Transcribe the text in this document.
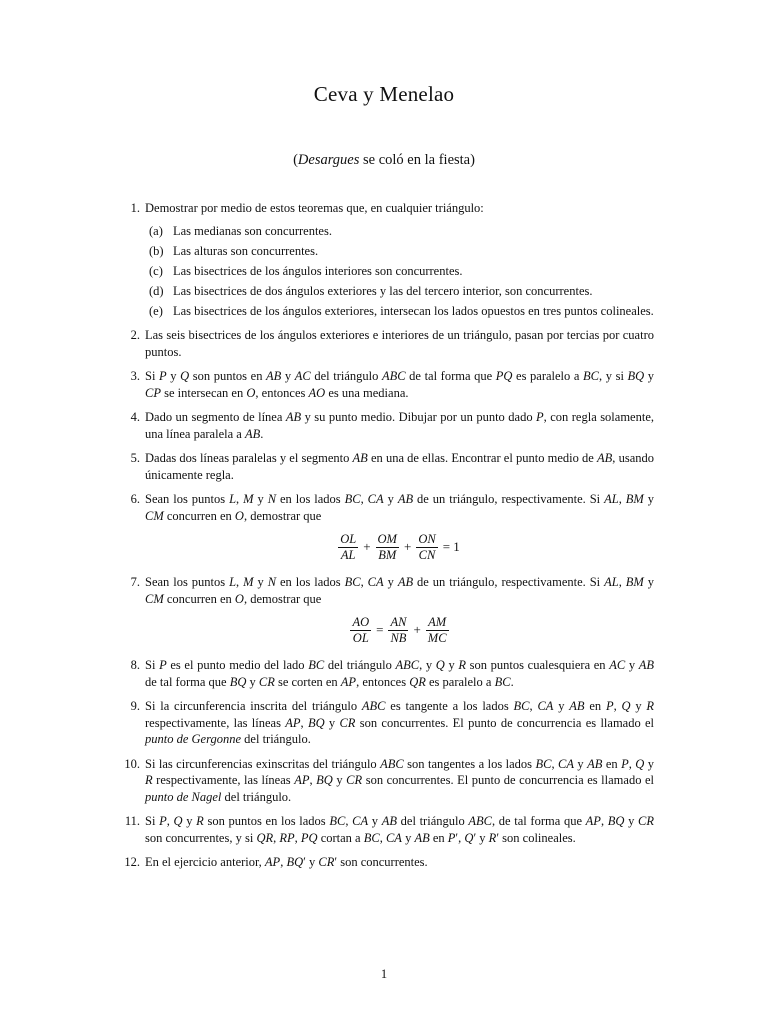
Ceva y Menelao
(Desargues se coló en la fiesta)
1. Demostrar por medio de estos teoremas que, en cualquier triángulo:
(a) Las medianas son concurrentes.
(b) Las alturas son concurrentes.
(c) Las bisectrices de los ángulos interiores son concurrentes.
(d) Las bisectrices de dos ángulos exteriores y las del tercero interior, son concurrentes.
(e) Las bisectrices de los ángulos exteriores, intersecan los lados opuestos en tres puntos colineales.
2. Las seis bisectrices de los ángulos exteriores e interiores de un triángulo, pasan por tercias por cuatro puntos.
3. Si P y Q son puntos en AB y AC del triángulo ABC de tal forma que PQ es paralelo a BC, y si BQ y CP se intersecan en O, entonces AO es una mediana.
4. Dado un segmento de línea AB y su punto medio. Dibujar por un punto dado P, con regla solamente, una línea paralela a AB.
5. Dadas dos líneas paralelas y el segmento AB en una de ellas. Encontrar el punto medio de AB, usando únicamente regla.
6. Sean los puntos L, M y N en los lados BC, CA y AB de un triángulo, respectivamente. Si AL, BM y CM concurren en O, demostrar que
$\frac{OL}{AL} + \frac{OM}{BM} + \frac{ON}{CN} = 1$
7. Sean los puntos L, M y N en los lados BC, CA y AB de un triángulo, respectivamente. Si AL, BM y CM concurren en O, demostrar que
$\frac{AO}{OL} = \frac{AN}{NB} + \frac{AM}{MC}$
8. Si P es el punto medio del lado BC del triángulo ABC, y Q y R son puntos cualesquiera en AC y AB de tal forma que BQ y CR se corten en AP, entonces QR es paralelo a BC.
9. Si la circunferencia inscrita del triángulo ABC es tangente a los lados BC, CA y AB en P, Q y R respectivamente, las líneas AP, BQ y CR son concurrentes. El punto de concurrencia es llamado el punto de Gergonne del triángulo.
10. Si las circunferencias exinscritas del triángulo ABC son tangentes a los lados BC, CA y AB en P, Q y R respectivamente, las líneas AP, BQ y CR son concurrentes. El punto de concurrencia es llamado el punto de Nagel del triángulo.
11. Si P, Q y R son puntos en los lados BC, CA y AB del triángulo ABC, de tal forma que AP, BQ y CR son concurrentes, y si QR, RP, PQ cortan a BC, CA y AB en P′, Q′ y R′ son colineales.
12. En el ejercicio anterior, AP, BQ′ y CR′ son concurrentes.
1
